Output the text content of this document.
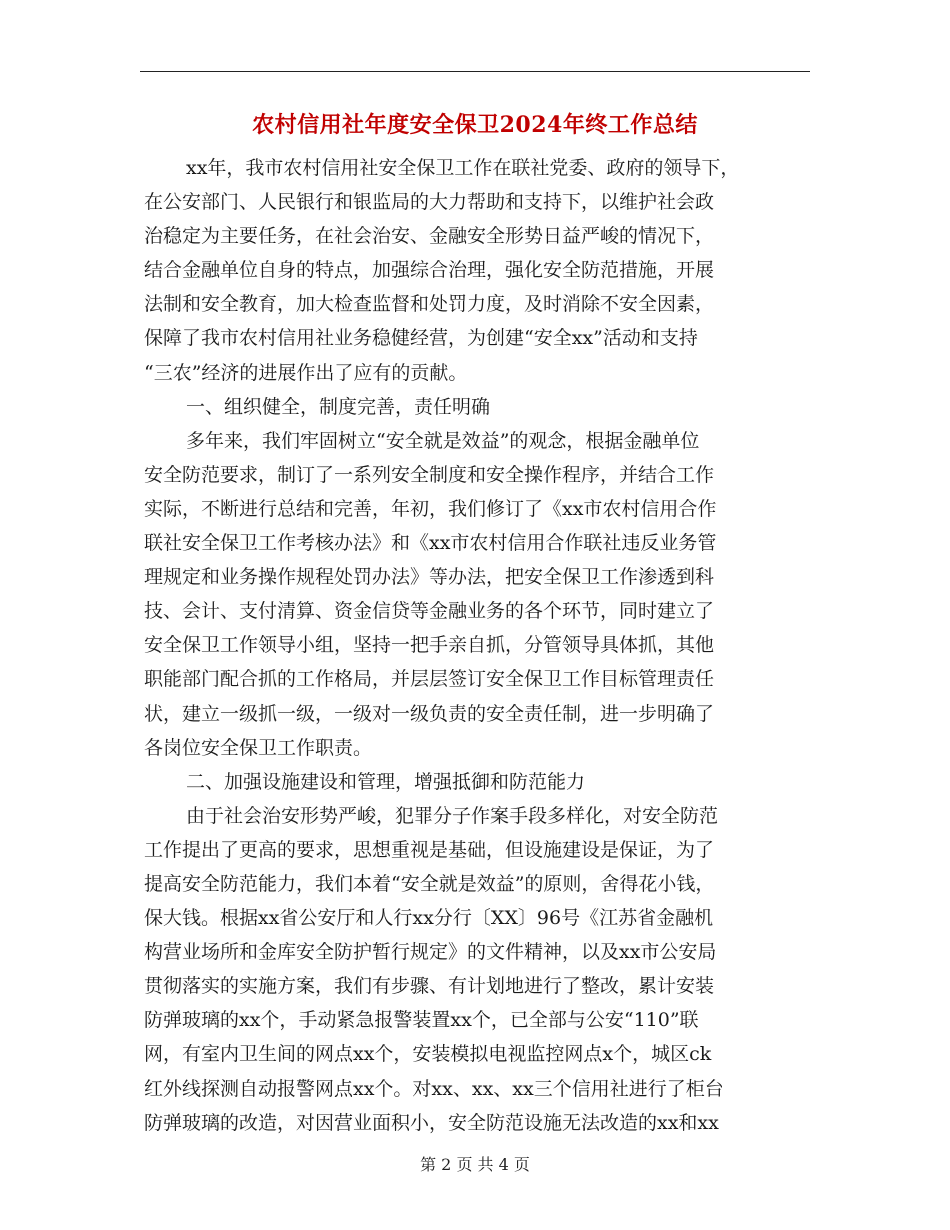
农村信用社年度安全保卫2024年终工作总结
xx年，我市农村信用社安全保卫工作在联社党委、政府的领导下，
在公安部门、人民银行和银监局的大力帮助和支持下，以维护社会政
治稳定为主要任务，在社会治安、金融安全形势日益严峻的情况下，
结合金融单位自身的特点，加强综合治理，强化安全防范措施，开展
法制和安全教育，加大检查监督和处罚力度，及时消除不安全因素，
保障了我市农村信用社业务稳健经营，为创建“安全xx”活动和支持
“三农”经济的进展作出了应有的贡献。
一、组织健全，制度完善，责任明确
多年来，我们牢固树立“安全就是效益”的观念，根据金融单位
安全防范要求，制订了一系列安全制度和安全操作程序，并结合工作
实际，不断进行总结和完善，年初，我们修订了《xx市农村信用合作
联社安全保卫工作考核办法》和《xx市农村信用合作联社违反业务管
理规定和业务操作规程处罚办法》等办法，把安全保卫工作渗透到科
技、会计、支付清算、资金信贷等金融业务的各个环节，同时建立了
安全保卫工作领导小组，坚持一把手亲自抓，分管领导具体抓，其他
职能部门配合抓的工作格局，并层层签订安全保卫工作目标管理责任
状，建立一级抓一级，一级对一级负责的安全责任制，进一步明确了
各岗位安全保卫工作职责。
二、加强设施建设和管理，增强抵御和防范能力
由于社会治安形势严峻，犯罪分子作案手段多样化，对安全防范
工作提出了更高的要求，思想重视是基础，但设施建设是保证，为了
提高安全防范能力，我们本着“安全就是效益”的原则，舍得花小钱，
保大钱。根据xx省公安厅和人行xx分行〔XX〕96号《江苏省金融机
构营业场所和金库安全防护暂行规定》的文件精神，以及xx市公安局
贯彻落实的实施方案，我们有步骤、有计划地进行了整改，累计安装
防弹玻璃的xx个，手动紧急报警装置xx个，已全部与公安“110”联
网，有室内卫生间的网点xx个，安装模拟电视监控网点x个，城区ck
红外线探测自动报警网点xx个。对xx、xx、xx三个信用社进行了柜台
防弹玻璃的改造，对因营业面积小，安全防范设施无法改造的xx和xx
第 2 页 共 4 页
